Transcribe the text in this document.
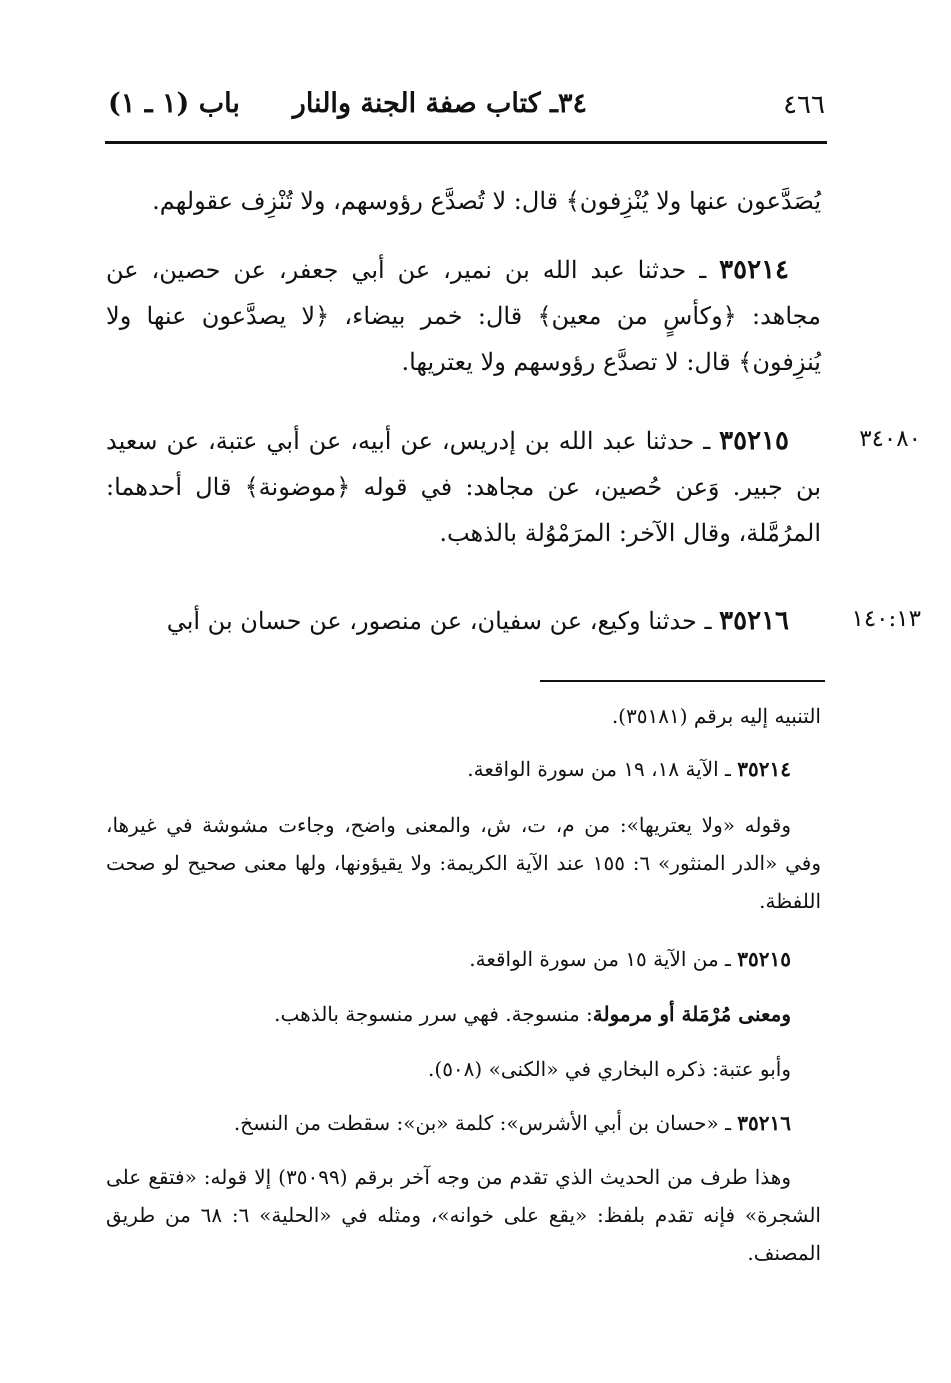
٤٦٦
٣٤ـ كتاب صفة الجنة والنار
باب (١ ـ ١)
يُصَدَّعون عنها ولا يُنْزِفون﴾ قال: لا تُصدَّع رؤوسهم، ولا تُنْزِف عقولهم.
٣٥٢١٤ ـ حدثنا عبد الله بن نمير، عن أبي جعفر، عن حصين، عن مجاهد: ﴿وكأسٍ من معين﴾ قال: خمر بيضاء، ﴿لا يصدَّعون عنها ولا يُنزِفون﴾ قال: لا تصدَّع رؤوسهم ولا يعتريها.
٣٤٠٨٠
٣٥٢١٥ ـ حدثنا عبد الله بن إدريس، عن أبيه، عن أبي عتبة، عن سعيد بن جبير. وَعن حُصين، عن مجاهد: في قوله ﴿موضونة﴾ قال أحدهما: المرُمَّلة، وقال الآخر: المرَمْوُلة بالذهب.
١٤٠:١٣
٣٥٢١٦ ـ حدثنا وكيع، عن سفيان، عن منصور، عن حسان بن أبي
التنبيه إليه برقم (٣٥١٨١).
٣٥٢١٤ ـ الآية ١٨، ١٩ من سورة الواقعة.
وقوله «ولا يعتريها»: من م، ت، ش، والمعنى واضح، وجاءت مشوشة في غيرها، وفي «الدر المنثور» ٦: ١٥٥ عند الآية الكريمة: ولا يقيؤونها، ولها معنى صحيح لو صحت اللفظة.
٣٥٢١٥ ـ من الآية ١٥ من سورة الواقعة.
ومعنى مُرْمَلة أو مرمولة: منسوجة. فهي سرر منسوجة بالذهب.
وأبو عتبة: ذكره البخاري في «الكنى» (٥٠٨).
٣٥٢١٦ ـ «حسان بن أبي الأشرس»: كلمة «بن»: سقطت من النسخ.
وهذا طرف من الحديث الذي تقدم من وجه آخر برقم (٣٥٠٩٩) إلا قوله: «فتقع على الشجرة» فإنه تقدم بلفظ: «يقع على خوانه»، ومثله في «الحلية» ٦: ٦٨ من طريق المصنف.
